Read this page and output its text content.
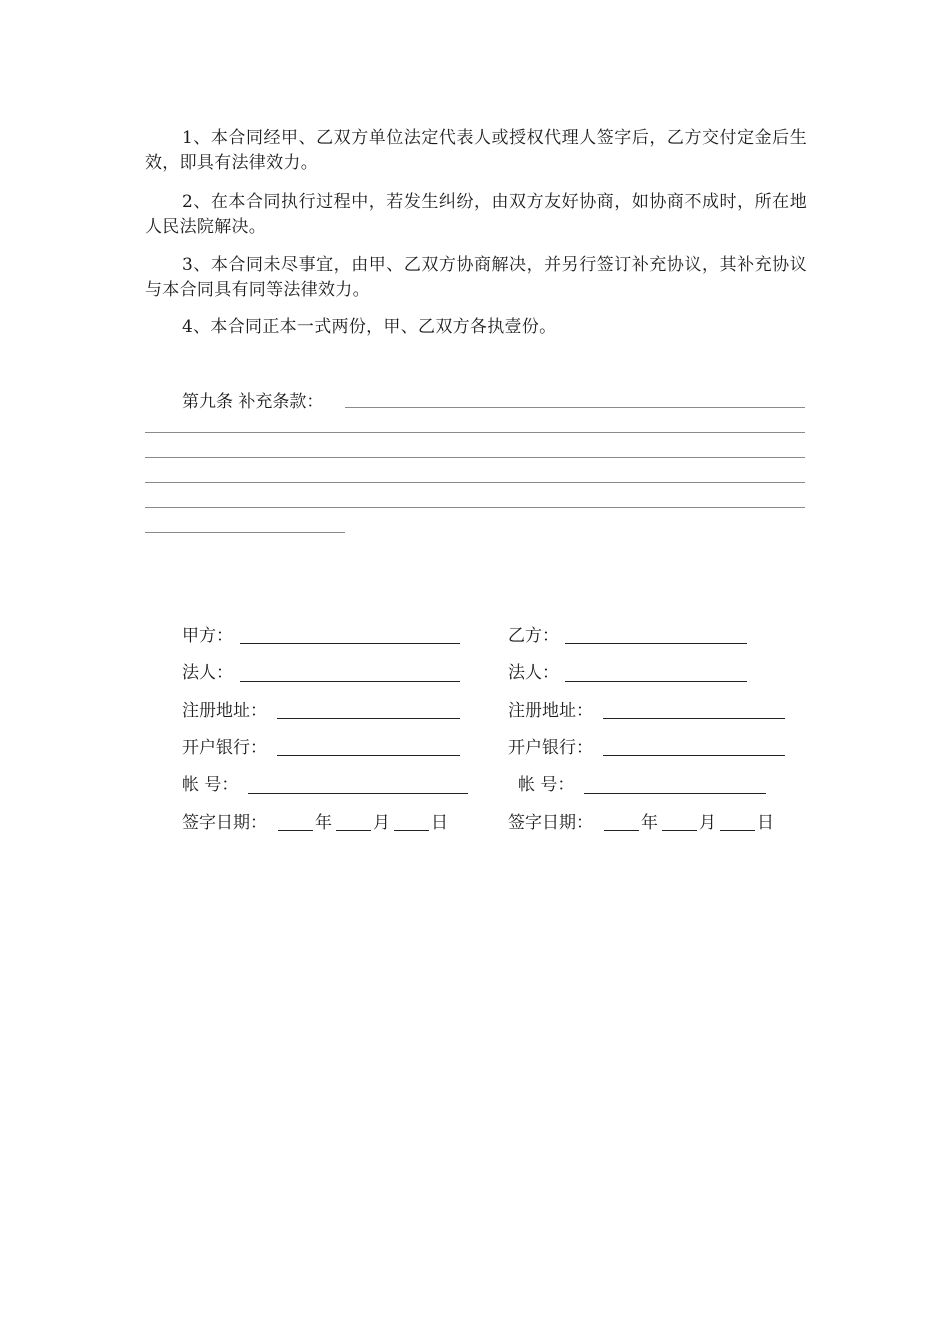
1、本合同经甲、乙双方单位法定代表人或授权代理人签字后，乙方交付定金后生效，即具有法律效力。

2、在本合同执行过程中，若发生纠纷，由双方友好协商，如协商不成时，所在地人民法院解决。

3、本合同未尽事宜，由甲、乙双方协商解决，并另行签订补充协议，其补充协议与本合同具有同等法律效力。

4、本合同正本一式两份，甲、乙双方各执壹份。

第九条 补充条款：
甲方：
法人：
注册地址：
开户银行：
帐 号：
签字日期：	年 月 日
乙方：
法人：
注册地址：
开户银行：
帐 号：
签字日期：	年 月 日
